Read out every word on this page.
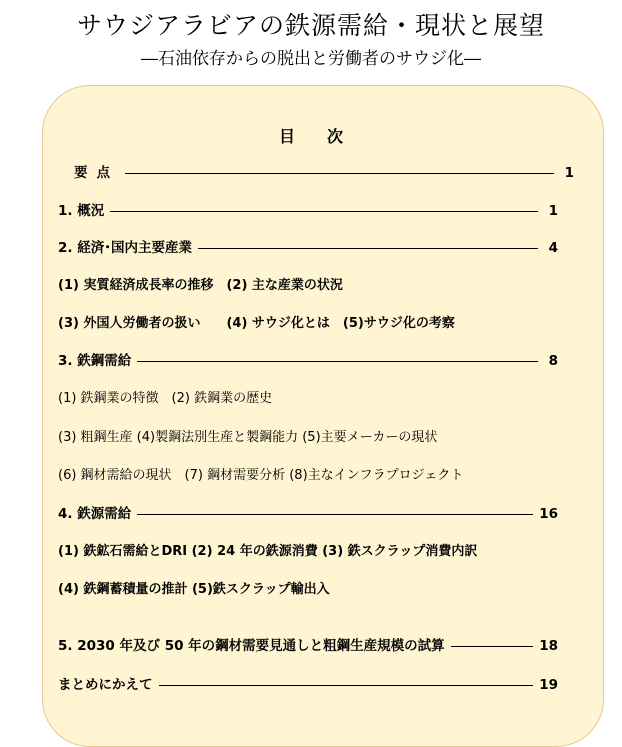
サウジアラビアの鉄源需給・現状と展望
―石油依存からの脱出と労働者のサウジ化―
目　　次
要点	1
1. 概況	1
2. 経済･国内主要産業	4
(1) 実質経済成長率の推移　(2) 主な産業の状況
(3) 外国人労働者の扱い　　(4) サウジ化とは　(5)サウジ化の考察
3. 鉄鋼需給	8
(1) 鉄鋼業の特徴　(2) 鉄鋼業の歴史
(3) 粗鋼生産 (4)製鋼法別生産と製鋼能力 (5)主要メーカーの現状
(6) 鋼材需給の現状　(7) 鋼材需要分析 (8)主なインフラプロジェクト
4. 鉄源需給	16
(1) 鉄鉱石需給とDRI (2) 24 年の鉄源消費 (3) 鉄スクラップ消費内訳
(4) 鉄鋼蓄積量の推計 (5)鉄スクラップ輸出入
5. 2030 年及び 50 年の鋼材需要見通しと粗鋼生産規模の試算	18
まとめにかえて	19
